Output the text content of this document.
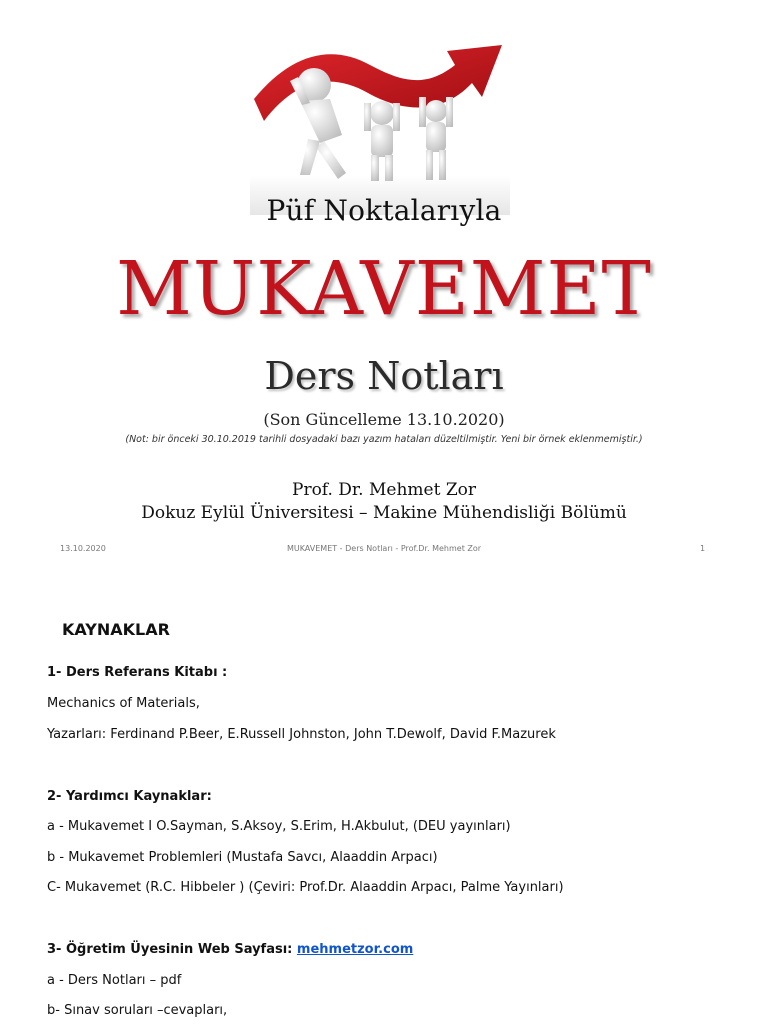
Püf Noktalarıyla
MUKAVEMET
Ders Notları
(Son Güncelleme 13.10.2020)
(Not: bir önceki 30.10.2019 tarihli dosyadaki bazı yazım hataları düzeltilmiştir. Yeni bir örnek eklenmemiştir.)
Prof. Dr. Mehmet Zor
Dokuz Eylül Üniversitesi – Makine Mühendisliği Bölümü
13.10.2020	MUKAVEMET - Ders Notları - Prof.Dr. Mehmet Zor	1
KAYNAKLAR
1- Ders Referans Kitabı :
Mechanics of Materials,
Yazarları: Ferdinand P.Beer, E.Russell Johnston, John T.Dewolf, David F.Mazurek
2- Yardımcı Kaynaklar:
a - Mukavemet I O.Sayman, S.Aksoy, S.Erim, H.Akbulut, (DEU yayınları)
b - Mukavemet Problemleri (Mustafa Savcı, Alaaddin Arpacı)
C- Mukavemet (R.C. Hibbeler ) (Çeviri: Prof.Dr. Alaaddin Arpacı, Palme Yayınları)
3- Öğretim Üyesinin Web Sayfası: mehmetzor.com
a - Ders Notları – pdf
b- Sınav soruları –cevapları,
